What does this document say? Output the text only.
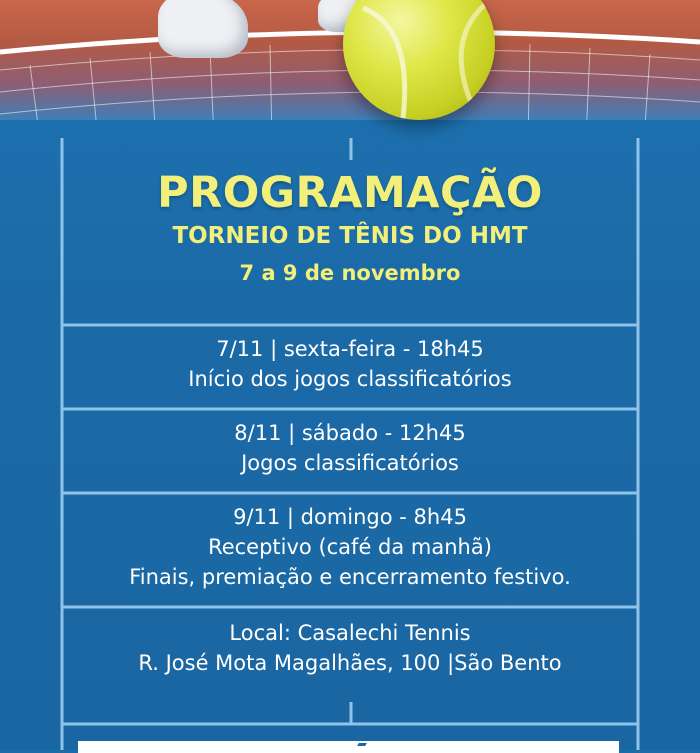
PROGRAMAÇÃO
TORNEIO DE TÊNIS DO HMT
7 a 9 de novembro
7/11 | sexta-feira - 18h45
Início dos jogos classificatórios
8/11 | sábado - 12h45
Jogos classificatórios
9/11 | domingo - 8h45
Receptivo (café da manhã)
Finais, premiação e encerramento festivo.
Local: Casalechi Tennis
R. José Mota Magalhães, 100 |São Bento
